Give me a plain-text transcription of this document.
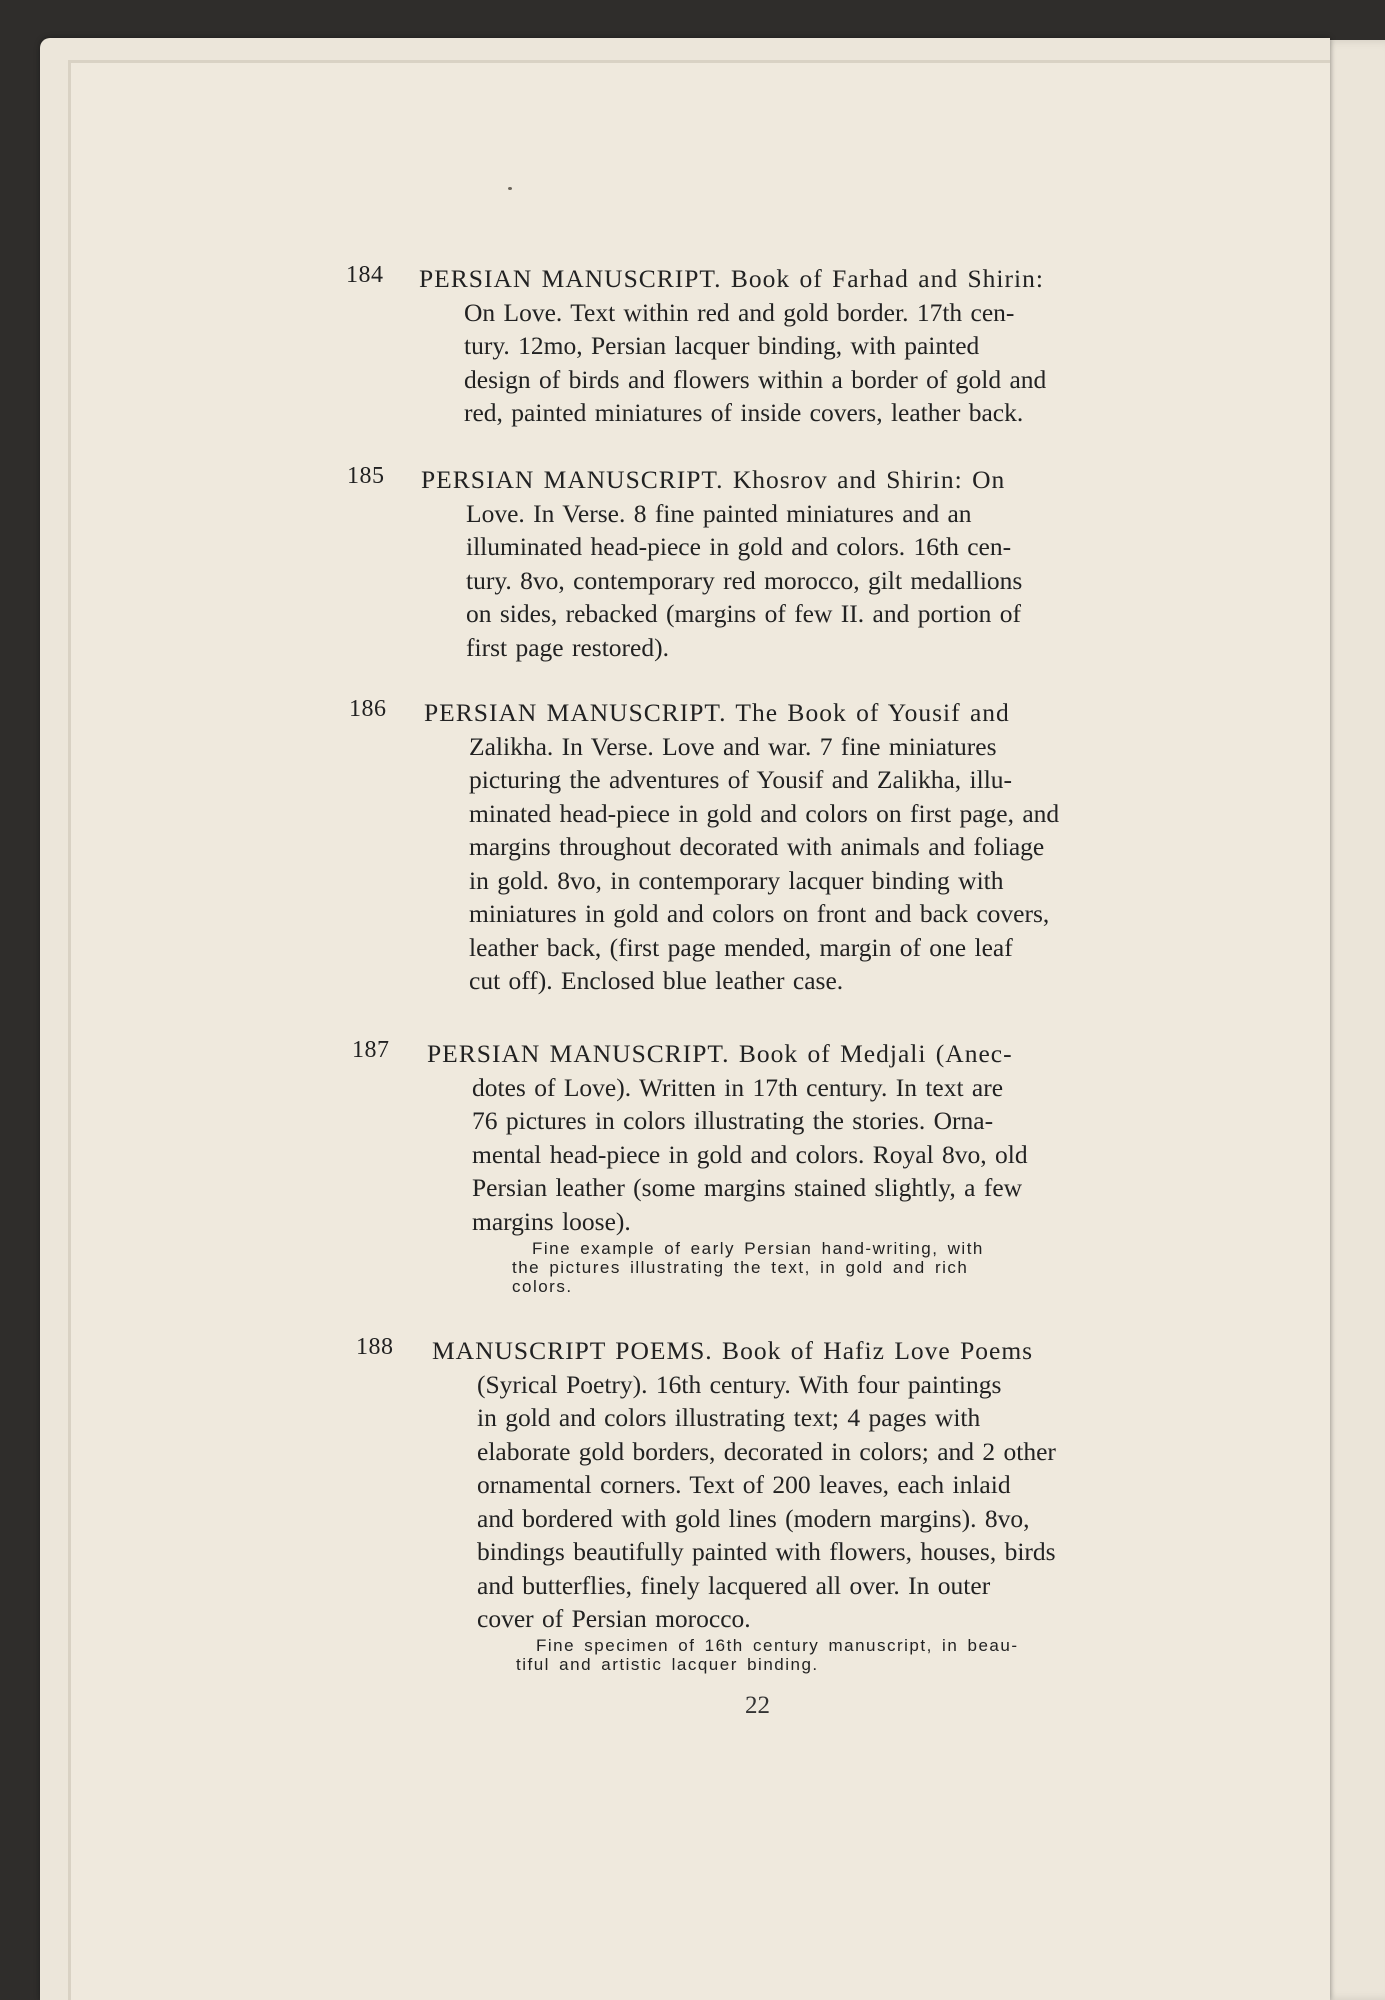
184 PERSIAN MANUSCRIPT. Book of Farhad and Shirin:
On Love. Text within red and gold border. 17th cen-
tury. 12mo, Persian lacquer binding, with painted
design of birds and flowers within a border of gold and
red, painted miniatures of inside covers, leather back.
185 PERSIAN MANUSCRIPT. Khosrov and Shirin: On
Love. In Verse. 8 fine painted miniatures and an
illuminated head-piece in gold and colors. 16th cen-
tury. 8vo, contemporary red morocco, gilt medallions
on sides, rebacked (margins of few II. and portion of
first page restored).
186 PERSIAN MANUSCRIPT. The Book of Yousif and
Zalikha. In Verse. Love and war. 7 fine miniatures
picturing the adventures of Yousif and Zalikha, illu-
minated head-piece in gold and colors on first page, and
margins throughout decorated with animals and foliage
in gold. 8vo, in contemporary lacquer binding with
miniatures in gold and colors on front and back covers,
leather back, (first page mended, margin of one leaf
cut off). Enclosed blue leather case.
187 PERSIAN MANUSCRIPT. Book of Medjali (Anec-
dotes of Love). Written in 17th century. In text are
76 pictures in colors illustrating the stories. Orna-
mental head-piece in gold and colors. Royal 8vo, old
Persian leather (some margins stained slightly, a few
margins loose).
Fine example of early Persian hand-writing, with
the pictures illustrating the text, in gold and rich
colors.
188 MANUSCRIPT POEMS. Book of Hafiz Love Poems
(Syrical Poetry). 16th century. With four paintings
in gold and colors illustrating text; 4 pages with
elaborate gold borders, decorated in colors; and 2 other
ornamental corners. Text of 200 leaves, each inlaid
and bordered with gold lines (modern margins). 8vo,
bindings beautifully painted with flowers, houses, birds
and butterflies, finely lacquered all over. In outer
cover of Persian morocco.
Fine specimen of 16th century manuscript, in beau-
tiful and artistic lacquer binding.
22
